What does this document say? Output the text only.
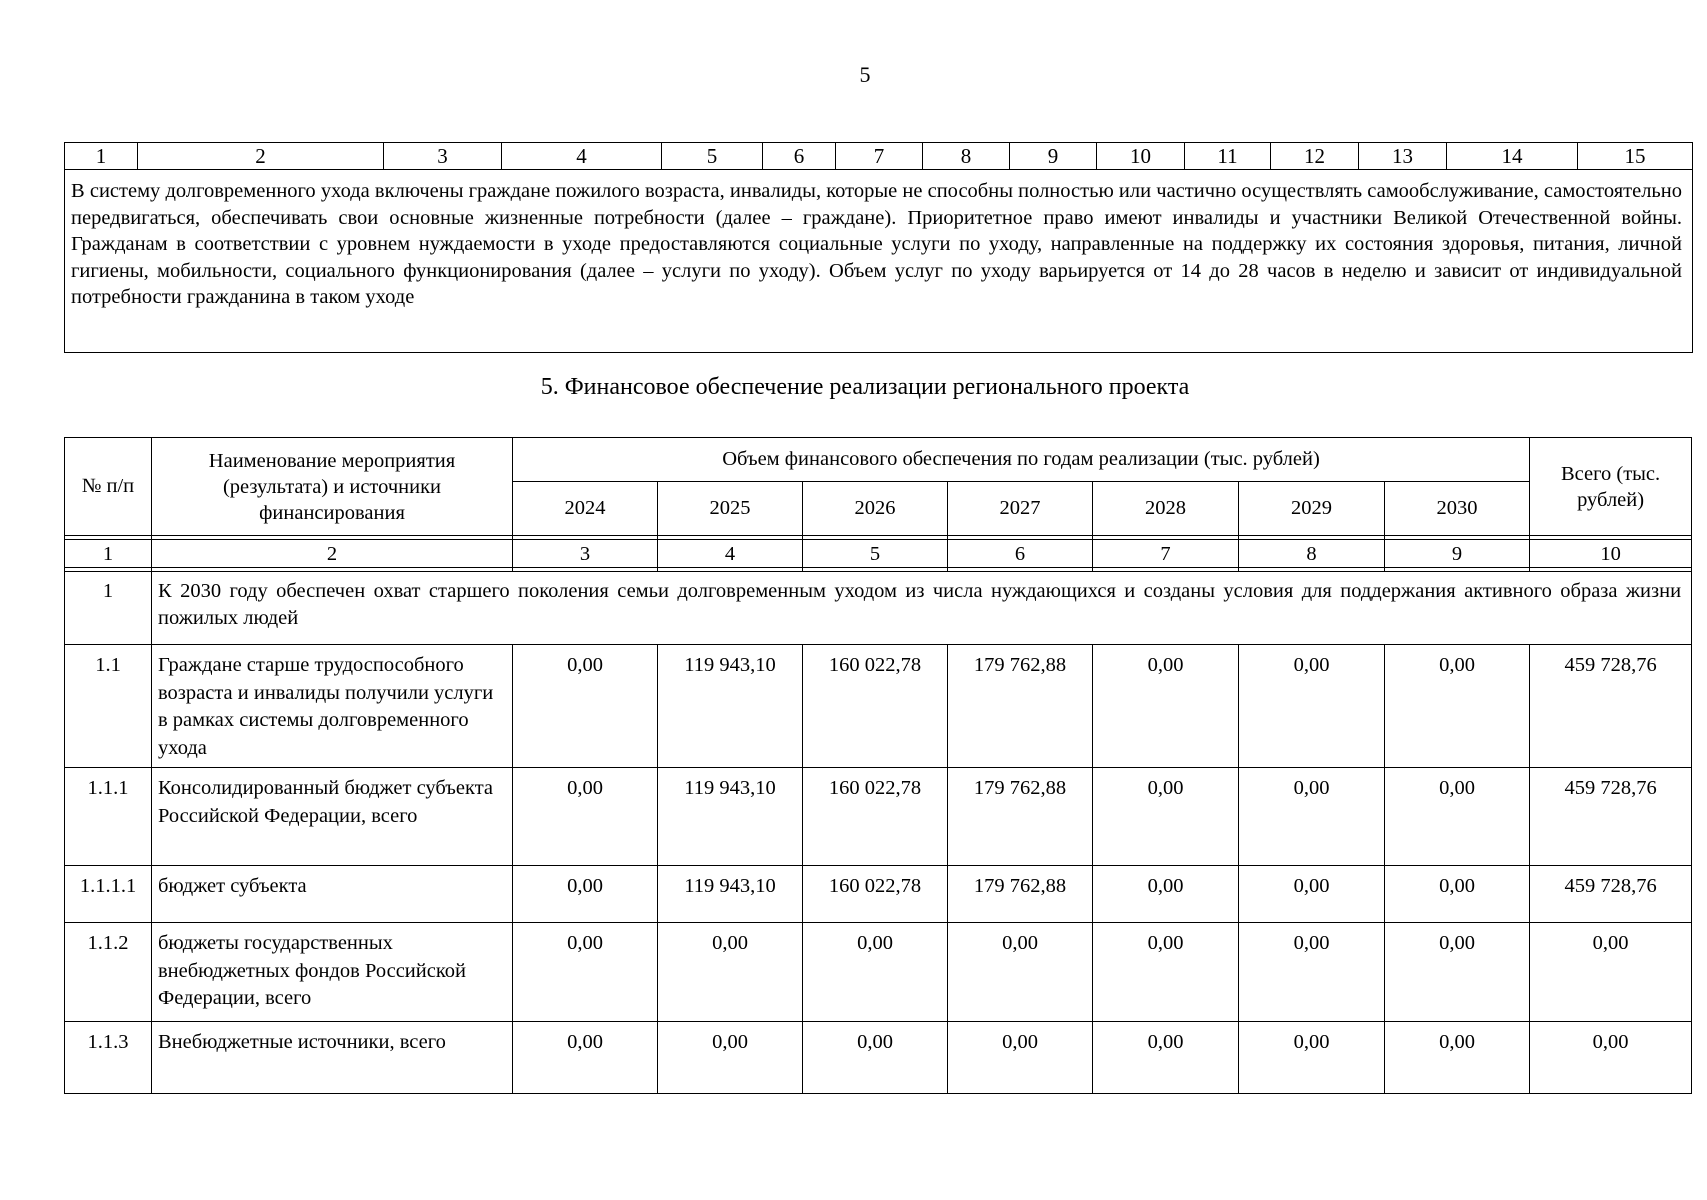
5
1	2	3	4	5	6	7	8	9	10	11	12	13	14	15
В систему долговременного ухода включены граждане пожилого возраста, инвалиды, которые не способны полностью или частично осуществлять самообслуживание, самостоятельно передвигаться, обеспечивать свои основные жизненные потребности (далее – граждане). Приоритетное право имеют инвалиды и участники Великой Отечественной войны. Гражданам в соответствии с уровнем нуждаемости в уходе предоставляются социальные услуги по уходу, направленные на поддержку их состояния здоровья, питания, личной гигиены, мобильности, социального функционирования (далее – услуги по уходу). Объем услуг по уходу варьируется от 14 до 28 часов в неделю и зависит от индивидуальной потребности гражданина в таком уходе
5. Финансовое обеспечение реализации регионального проекта
№ п/п	Наименование мероприятия (результата) и источники финансирования	Объем финансового обеспечения по годам реализации (тыс. рублей)							Всего (тыс. рублей)
		2024	2025	2026	2027	2028	2029	2030	

1	2	3	4	5	6	7	8	9	10

1	К 2030 году обеспечен охват старшего поколения семьи долговременным уходом из числа нуждающихся и созданы условия для поддержания активного образа жизни пожилых людей								
1.1	Граждане старше трудоспособного возраста и инвалиды получили услуги в рамках системы долговременного ухода	0,00	119 943,10	160 022,78	179 762,88	0,00	0,00	0,00	459 728,76
1.1.1	Консолидированный бюджет субъекта Российской Федерации, всего	0,00	119 943,10	160 022,78	179 762,88	0,00	0,00	0,00	459 728,76
1.1.1.1	бюджет субъекта	0,00	119 943,10	160 022,78	179 762,88	0,00	0,00	0,00	459 728,76
1.1.2	бюджеты государственных внебюджетных фондов Российской Федерации, всего	0,00	0,00	0,00	0,00	0,00	0,00	0,00	0,00
1.1.3	Внебюджетные источники, всего	0,00	0,00	0,00	0,00	0,00	0,00	0,00	0,00
